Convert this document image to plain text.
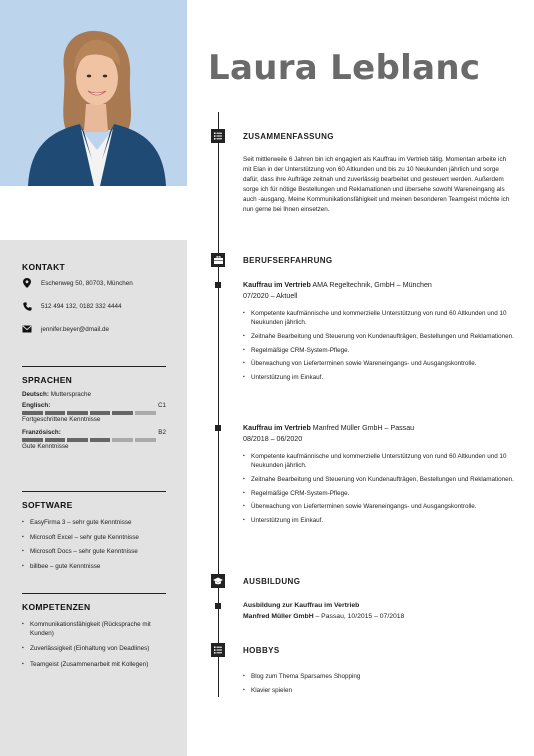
KONTAKT
Eschenweg 50, 80703, München
512 494 132, 0182 332 4444
jennifer.beyer@dmail.de
SPRACHEN
Deutsch: Muttersprache
Englisch:	C1
Fortgeschrittene Kenntnisse
Französisch:	B2
Gute Kenntnisse
SOFTWARE
▪ EasyFirma 3 – sehr gute Kenntnisse
▪ Microsoft Excel – sehr gute Kenntnisse
▪ Microsoft Docs – sehr gute Kenntnisse
▪ billbee – gute Kenntnisse
KOMPETENZEN
▪ Kommunikationsfähigkeit (Rücksprache mit Kunden)
▪ Zuverlässigkeit (Einhaltung von Deadlines)
▪ Teamgeist (Zusammenarbeit mit Kollegen)
Laura Leblanc
ZUSAMMENFASSUNG
Seit mittlerweile 6 Jahren bin ich engagiert als Kauffrau im Vertrieb tätig. Momentan arbeite ich mit Elan in der Unterstützung von 60 Altkunden und bis zu 10 Neukunden jährlich und sorge dafür, dass ihre Aufträge zeitnah und zuverlässig bearbeitet und gesteuert werden. Außerdem sorge ich für nötige Bestellungen und Reklamationen und übersehe sowohl Wareneingang als auch -ausgang. Meine Kommunikationsfähigkeit und meinen besonderen Teamgeist möchte ich nun gerne bei Ihnen einsetzen.
BERUFSERFAHRUNG
Kauffrau im Vertrieb AMA Regeltechnik, GmbH – München
07/2020 – Aktuell
▪ Kompetente kaufmännische und kommerzielle Unterstützung von rund 60 Altkunden und 10 Neukunden jährlich.
▪ Zeitnahe Bearbeitung und Steuerung von Kundenaufträgen, Bestellungen und Reklamationen.
▪ Regelmäßige CRM-System-Pflege.
▪ Überwachung von Lieferterminen sowie Wareneingangs- und Ausgangskontrolle.
▪ Unterstützung im Einkauf.
Kauffrau im Vertrieb Manfred Müller GmbH – Passau
08/2018 – 06/2020
▪ Kompetente kaufmännische und kommerzielle Unterstützung von rund 60 Altkunden und 10 Neukunden jährlich.
▪ Zeitnahe Bearbeitung und Steuerung von Kundenaufträgen, Bestellungen und Reklamationen.
▪ Regelmäßige CRM-System-Pflege.
▪ Überwachung von Lieferterminen sowie Wareneingangs- und Ausgangskontrolle.
▪ Unterstützung im Einkauf.
AUSBILDUNG
Ausbildung zur Kauffrau im Vertrieb
Manfred Müller GmbH – Passau, 10/2015 – 07/2018
HOBBYS
▪ Blog zum Thema Sparsames Shopping
▪ Klavier spielen
